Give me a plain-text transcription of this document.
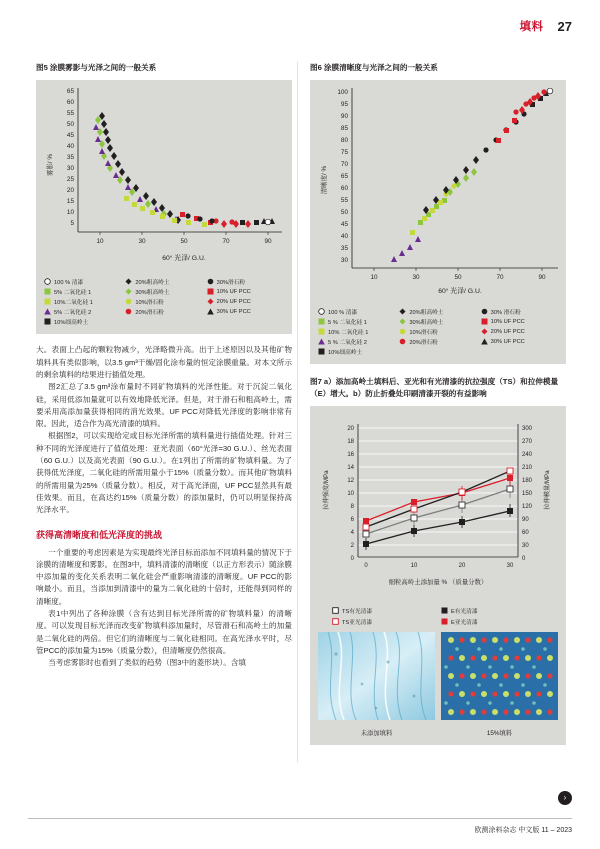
填料 27
图5 涂膜雾影与光泽之间的一般关系
65
60
55
50
45
40
35
30
25
20
15
10
5
10	30	50	70	90
雾影/ %
60° 光泽/ G.U.
100 % 清漆	20%粗高岭土	30%滑石粉
5% 二氧化硅 1	30%粗高岭土	10% UF PCC
10%二氧化硅 1	10%滑石粉	20% UF PCC
5% 二氧化硅 2	20%滑石粉	30% UF PCC
10%细高岭土

大。表面上凸起的颗粒物减少，光泽略微升高。出于上述原因以及其他矿物填料具有类似影响，以3.5 gm³干燥/固化涂布量的恒定涂膜重量。对本文所示的剩余填料的结果进行插值处理。

图2汇总了3.5 gm³涂布量时不同矿物填料的光泽性能。对于沉淀二氧化硅，采用低添加量就可以有效地降低光泽。但是，对于滑石和粗高岭土，需要采用高添加量获得相同的消光效果。UF PCC对降低光泽度的影响非常有限。因此，适合作为高光清漆的填料。

根据图2，可以实现给定或目标光泽所需的填料量进行插值处理。针对三种不同的光泽度进行了值值处理：亚光表面（60°光泽=30 G.U.）、丝光表面（60 G.U.）以及高光表面（90 G.U.）。在1列出了所需的矿物填料量。为了获得低光泽度，二氧化硅的所需用量小于15%（质量分数）。而其他矿物填料的所需用量为25%（质量分数）。相反，对于高光泽面，UF PCC显然具有最佳效果。而且，在高达约15%（质量分数）的添加量时，仍可以明显保持高光泽水平。

获得高清晰度和低光泽度的挑战

一个重要的考虑因素是为实现最终光泽目标而添加不同填料量的情况下于涂膜的清晰度和雾影。在图3中，填料清漆的清晰度（以正方形表示）随涂膜中添加量的变化关系表明二氧化硅会严重影响清漆的清晰度。UF PCC的影响最小。而且，当添加到清漆中的量为二氧化硅的十倍时，还能得到同样的清晰度。

表1中列出了各种涂膜（含有达到目标光泽所需的矿物填料量）的清晰度。可以发现目标光泽而改变矿物填料添加量时，尽管滑石和高岭土的加量是二氧化硅的两倍。但它们的清晰度与二氧化硅相同。在高光泽水平时，尽管PCC的添加量为15%（质量分数），但清晰度仍然很高。

当考虑雾影时也看到了类似的趋势（图3中的菱形块）。含填

图6 涂膜清晰度与光泽之间的一般关系
100
95
90
85
80
75
70
65
60
55
50
45
40
35
30
10	30	50	70	90
清晰度/ %
60° 光泽/ G.U.
100 % 清漆	20%粗高岭土	30% 滑石粉
5 % 二氧化硅 1	30%粗高岭土	10% UF PCC
10% 二氧化硅 1	10%滑石粉	20% UF PCC
5 % 二氧化硅 2	20%滑石粉	30% UF PCC
10%细高岭土
图7 a）添加高岭土填料后、亚光和有光清漆的抗拉强度（TS）和拉伸模量（E）增大。b）防止折叠处印刷清漆开裂的有益影响
20
18
16
14
12
10
8
6
4
2
0
300
270
240
210
180
150
120
90
60
30
0
0	10	20	30
拉伸强度/MPa	拉伸模量/MPa
细粒高岭土添加量 % （质量分数）
TS有光清漆	E有光清漆
TS亚光清漆	E亚光清漆
未添加填料	15%填料
›
欧测涂料杂志 中文版 11 – 2023
